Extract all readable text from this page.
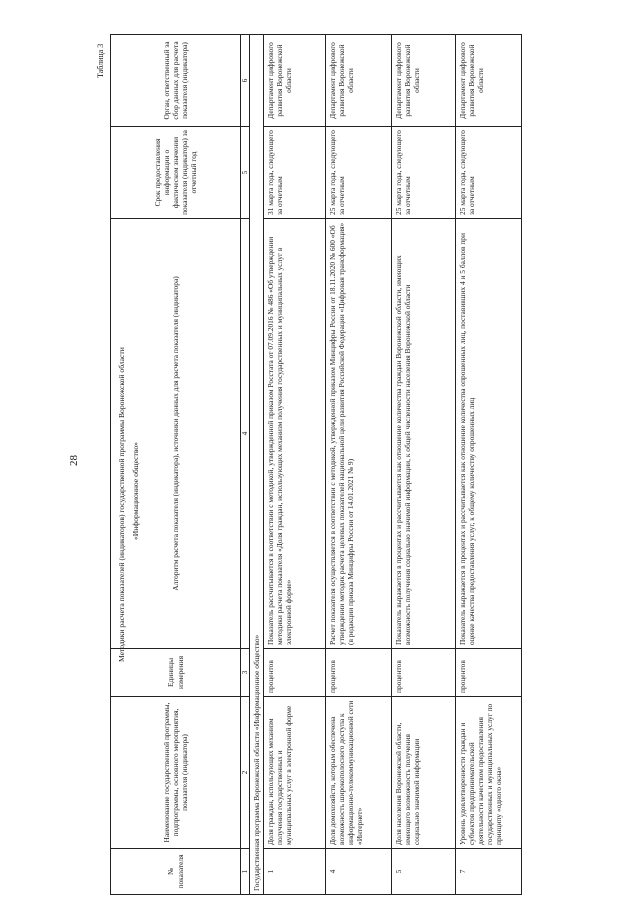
28
Таблица 3
Методики расчета показателей (индикаторов) государственной программы Воронежской области «Информационное общество»
№ показателя	Наименование государственной программы, подпрограммы, основного мероприятия, показателя (индикатора)	Единицы измерения	Алгоритм расчета показателя (индикатора), источники данных для расчета показателя (индикатора)	Срок предоставления информации о фактическом значении показателя (индикатора) за отчетный год	Орган, ответственный за сбор данных для расчета показателя (индикатора)
1	2	3	4	5	6
Государственная программа Воронежской области «Информационное общество»					
1	Доля граждан, использующих механизм получения государственных и муниципальных услуг в электронной форме	процентов	Показатель рассчитывается в соответствии с методикой, утвержденной приказом Росстата от 07.09.2016 № 486 «Об утверждении методики расчета показателя «Доля граждан, использующих механизм получения государственных и муниципальных услуг в электронной форме»	31 марта года, следующего за отчетным	Департамент цифрового развития Воронежской области
4	Доля домохозяйств, которым обеспечена возможность широкополосного доступа к информационно-телекоммуникационной сети «Интернет»	процентов	Расчет показателя осуществляется в соответствии с методикой, утвержденной приказом Минцифры России от 18.11.2020 № 600 «Об утверждении методик расчета целевых показателей национальной цели развития Российской Федерации «Цифровая трансформация» (в редакции приказа Минцифры России от 14.01.2021 № 9)	25 марта года, следующего за отчетным	Департамент цифрового развития Воронежской области
5	Доля населения Воронежской области, имеющего возможность получения социально значимой информации	процентов	Показатель выражается в процентах и рассчитывается как отношение количества граждан Воронежской области, имеющих возможность получения социально значимой информации, к общей численности населения Воронежской области	25 марта года, следующего за отчетным	Департамент цифрового развития Воронежской области
7	Уровень удовлетворенности граждан и субъектов предпринимательской деятельности качеством предоставления государственных и муниципальных услуг по принципу «одного окна»	процентов	Показатель выражается в процентах и рассчитывается как отношение количества опрошенных лиц, поставивших 4 и 5 баллов при оценке качества предоставления услуг, к общему количеству опрошенных лиц	25 марта года, следующего за отчетным	Департамент цифрового развития Воронежской области
